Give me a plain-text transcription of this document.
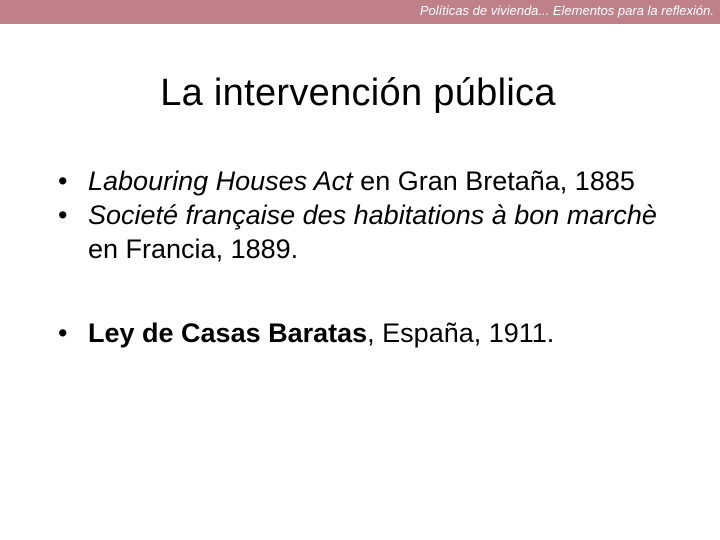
Políticas de vivienda... Elementos para la reflexión.
La intervención pública
• Labouring Houses Act en Gran Bretaña, 1885
• Societé française des habitations à bon marchè en Francia, 1889.
• Ley de Casas Baratas, España, 1911.
